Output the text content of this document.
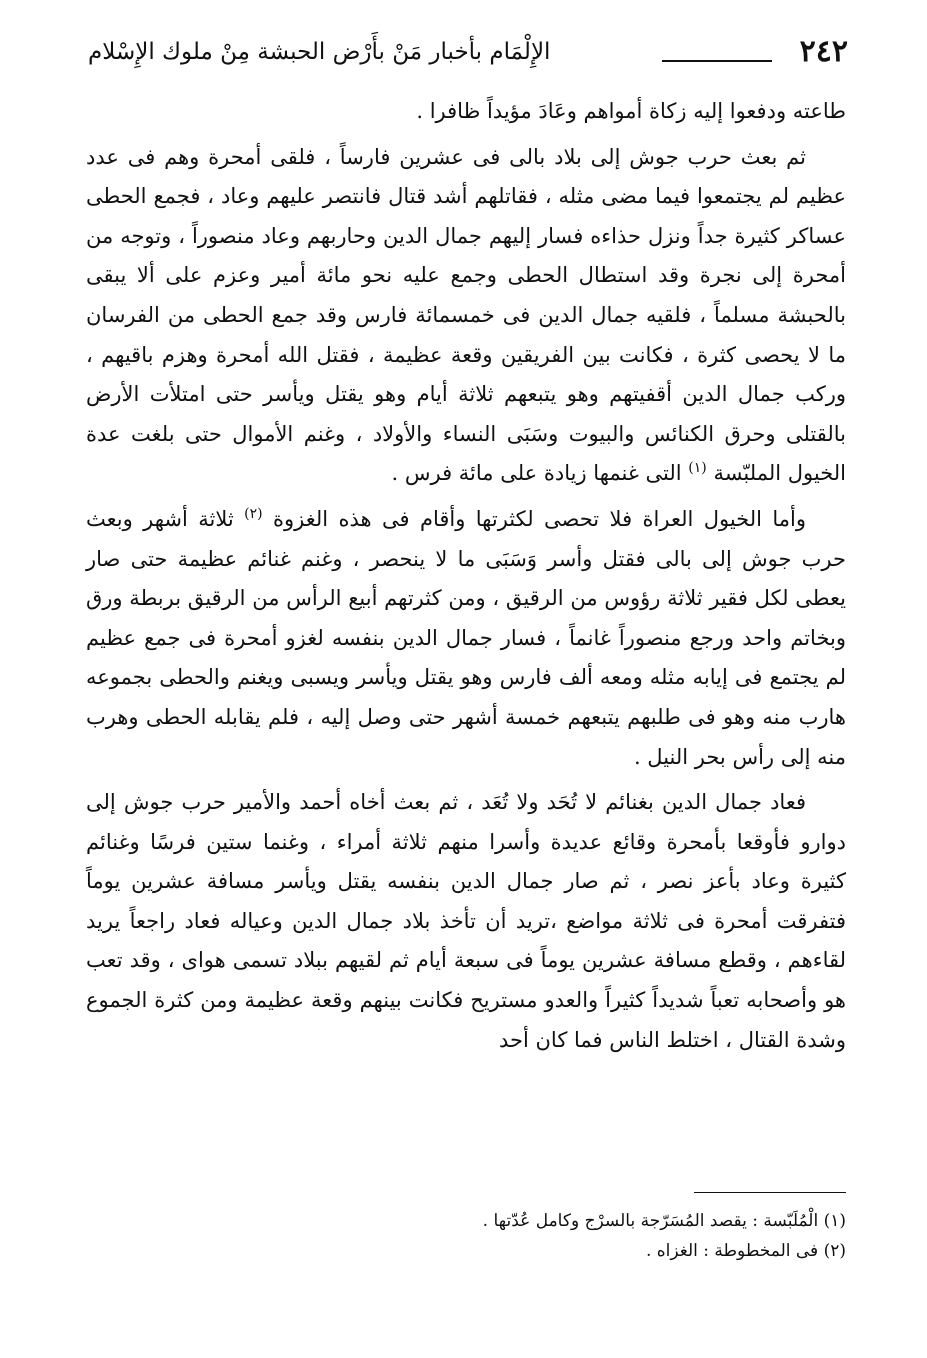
٢٤٢
الإِلْمَام بأخبار مَنْ بأَرْض الحبشة مِنْ ملوك الإِسْلام

طاعته ودفعوا إليه زكاة أمواهم وعَادَ مؤيداً ظافرا .

ثم بعث حرب جوش إلى بلاد بالى فى عشرين فارساً ، فلقى أمحرة وهم فى عدد عظيم لم يجتمعوا فيما مضى مثله ، فقاتلهم أشد قتال فانتصر عليهم وعاد ، فجمع الحطى عساكر كثيرة جداً ونزل حذاءه فسار إليهم جمال الدين وحاربهم وعاد منصوراً ، وتوجه من أمحرة إلى نجرة وقد استطال الحطى وجمع عليه نحو مائة أمير وعزم على ألا يبقى بالحبشة مسلماً ، فلقيه جمال الدين فى خمسمائة فارس وقد جمع الحطى من الفرسان ما لا يحصى كثرة ، فكانت بين الفريقين وقعة عظيمة ، فقتل الله أمحرة وهزم باقيهم ، وركب جمال الدين أقفيتهم وهو يتبعهم ثلاثة أيام وهو يقتل ويأسر حتى امتلأت الأرض بالقتلى وحرق الكنائس والبيوت وسَبَى النساء والأولاد ، وغنم الأموال حتى بلغت عدة الخيول الملبّسة $^{(١)}$ التى غنمها زيادة على مائة فرس .

وأما الخيول العراة فلا تحصى لكثرتها وأقام فى هذه الغزوة $^{(٢)}$ ثلاثة أشهر وبعث حرب جوش إلى بالى فقتل وأسر وَسَبَى ما لا ينحصر ، وغنم غنائم عظيمة حتى صار يعطى لكل فقير ثلاثة رؤوس من الرقيق ، ومن كثرتهم أبيع الرأس من الرقيق بربطة ورق وبخاتم واحد ورجع منصوراً غانماً ، فسار جمال الدين بنفسه لغزو أمحرة فى جمع عظيم لم يجتمع فى إيابه مثله ومعه ألف فارس وهو يقتل ويأسر ويسبى ويغنم والحطى بجموعه هارب منه وهو فى طلبهم يتبعهم خمسة أشهر حتى وصل إليه ، فلم يقابله الحطى وهرب منه إلى رأس بحر النيل .

فعاد جمال الدين بغنائم لا تُحَد ولا تُعَد ، ثم بعث أخاه أحمد والأمير حرب جوش إلى دوارو فأوقعا بأمحرة وقائع عديدة وأسرا منهم ثلاثة أمراء ، وغنما ستين فرسًا وغنائم كثيرة وعاد بأعز نصر ، ثم صار جمال الدين بنفسه يقتل ويأسر مسافة عشرين يوماً فتفرقت أمحرة فى ثلاثة مواضع ،تريد أن تأخذ بلاد جمال الدين وعياله فعاد راجعاً يريد لقاءهم ، وقطع مسافة عشرين يوماً فى سبعة أيام ثم لقيهم ببلاد تسمى هواى ، وقد تعب هو وأصحابه تعباً شديداً كثيراً والعدو مستريح فكانت بينهم وقعة عظيمة ومن كثرة الجموع وشدة القتال ، اختلط الناس فما كان أحد

(١) الْمُلَبّسة : يقصد المُسَرّجة بالسرْج وكامل عُدّتها .
(٢) فى المخطوطة : الغزاه .
